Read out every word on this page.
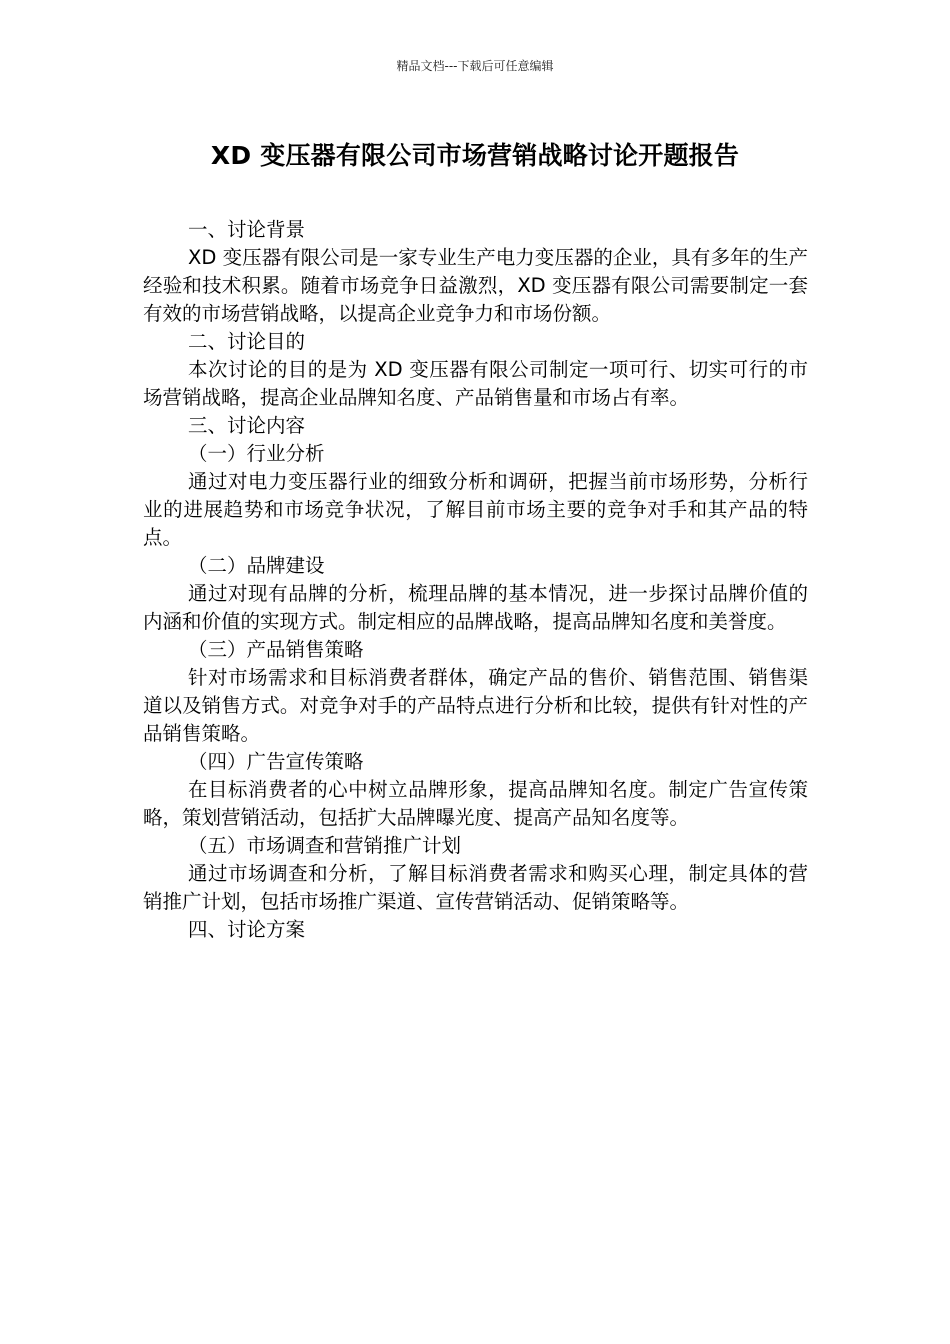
精品文档---下载后可任意编辑
XD 变压器有限公司市场营销战略讨论开题报告

一、讨论背景

XD 变压器有限公司是一家专业生产电力变压器的企业，具有多年的生产经验和技术积累。随着市场竞争日益激烈，XD 变压器有限公司需要制定一套有效的市场营销战略，以提高企业竞争力和市场份额。

二、讨论目的

本次讨论的目的是为 XD 变压器有限公司制定一项可行、切实可行的市场营销战略，提高企业品牌知名度、产品销售量和市场占有率。

三、讨论内容

（一）行业分析

通过对电力变压器行业的细致分析和调研，把握当前市场形势，分析行业的进展趋势和市场竞争状况，了解目前市场主要的竞争对手和其产品的特点。

（二）品牌建设

通过对现有品牌的分析，梳理品牌的基本情况，进一步探讨品牌价值的内涵和价值的实现方式。制定相应的品牌战略，提高品牌知名度和美誉度。

（三）产品销售策略

针对市场需求和目标消费者群体，确定产品的售价、销售范围、销售渠道以及销售方式。对竞争对手的产品特点进行分析和比较，提供有针对性的产品销售策略。

（四）广告宣传策略

在目标消费者的心中树立品牌形象，提高品牌知名度。制定广告宣传策略，策划营销活动，包括扩大品牌曝光度、提高产品知名度等。

（五）市场调查和营销推广计划

通过市场调查和分析，了解目标消费者需求和购买心理，制定具体的营销推广计划，包括市场推广渠道、宣传营销活动、促销策略等。

四、讨论方案
